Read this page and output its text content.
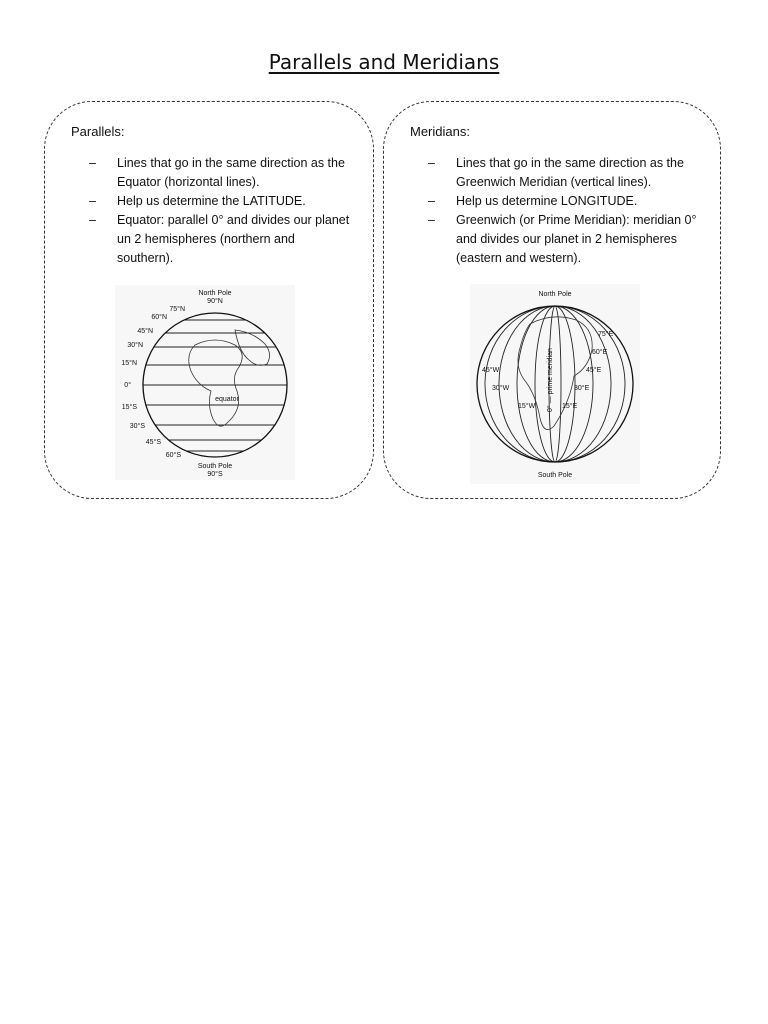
Parallels and Meridians
Parallels:
– Lines that go in the same direction as the Equator (horizontal lines).
– Help us determine the LATITUDE.
– Equator: parallel 0° and divides our planet un 2 hemispheres (northern and southern).
North Pole
90°N
75°N
60°N
45°N
30°N
15°N
0°
15°S
30°S
45°S
60°S
equator
South Pole
90°S
Meridians:
– Lines that go in the same direction as the Greenwich Meridian (vertical lines).
– Help us determine LONGITUDE.
– Greenwich (or Prime Meridian): meridian 0° and divides our planet in 2 hemispheres (eastern and western).
North Pole
South Pole
75°E
60°E
45°E
30°E
15°E
45°W
30°W
15°W 0° — prime meridian
